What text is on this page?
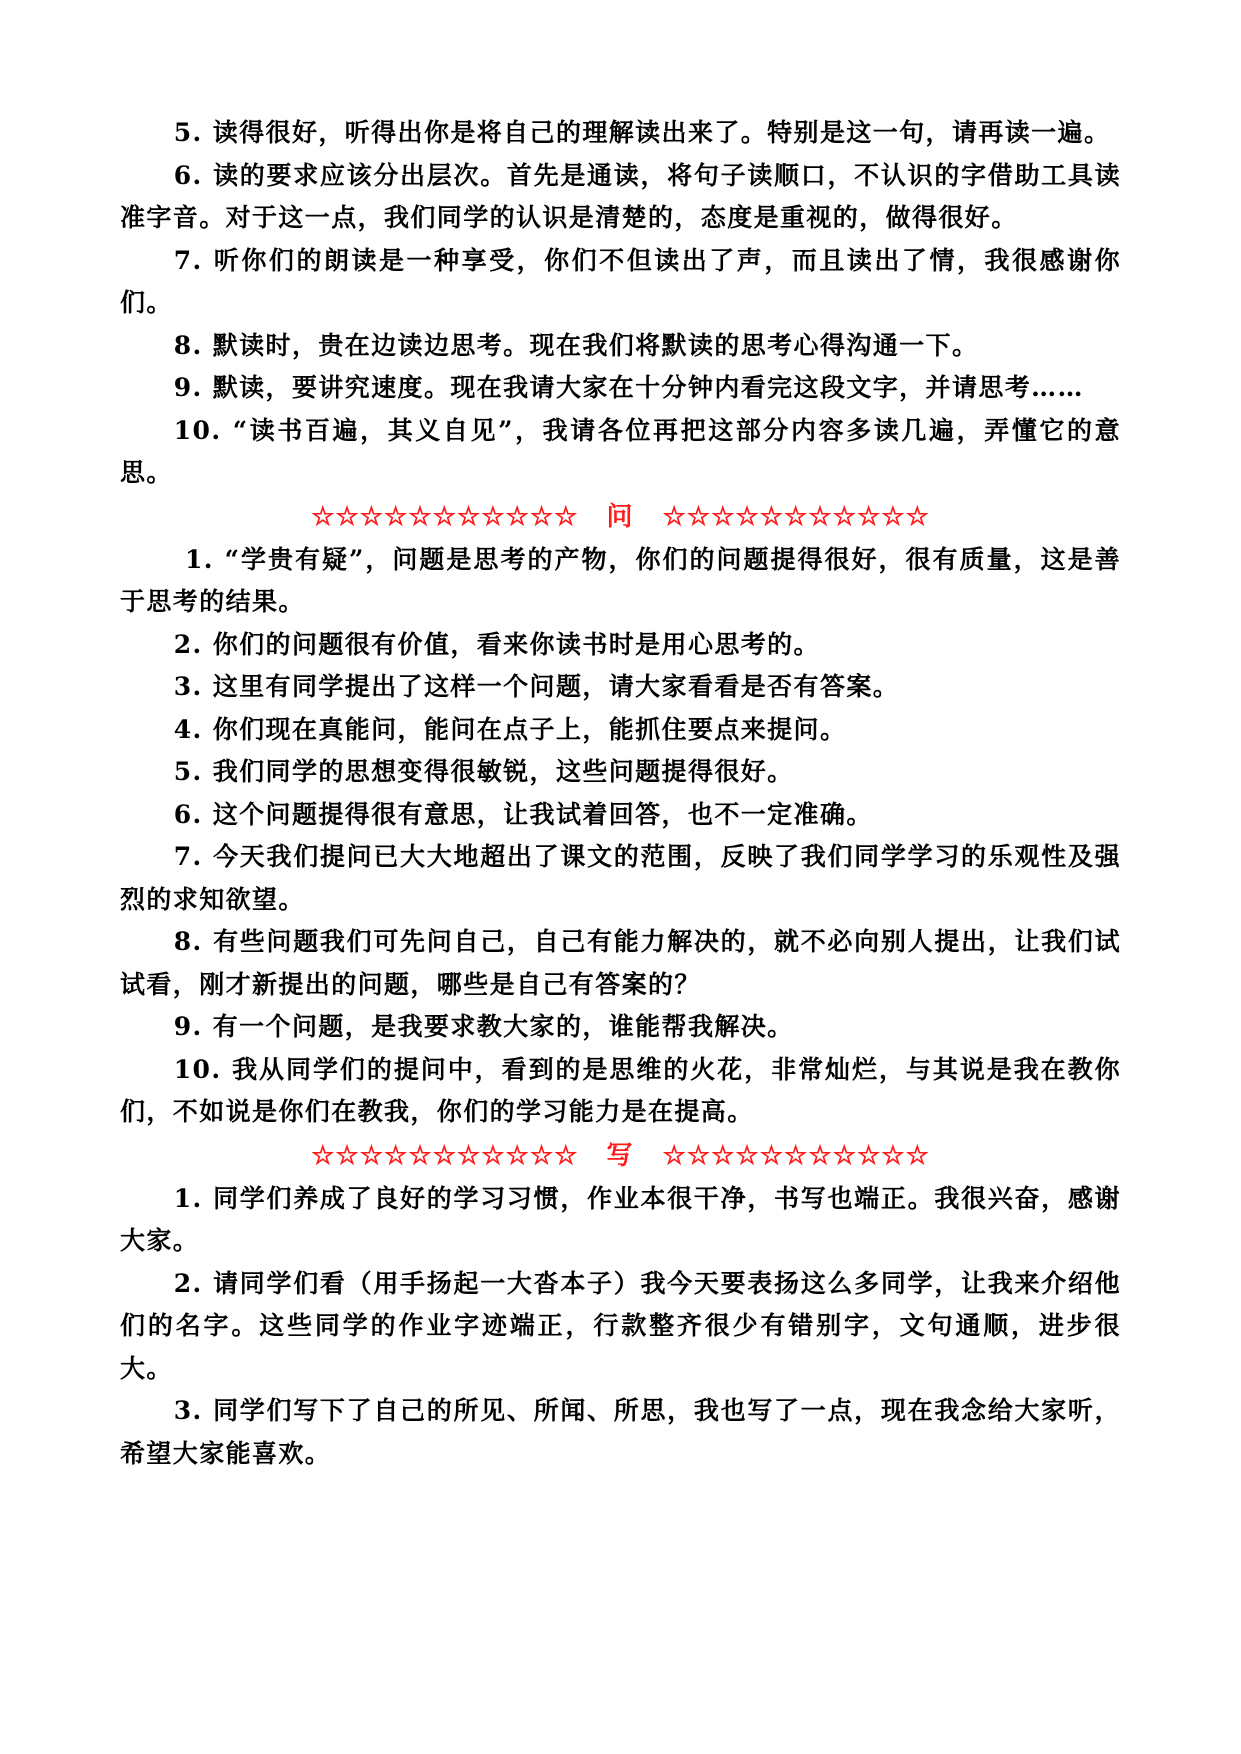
5. 读得很好，听得出你是将自己的理解读出来了。特别是这一句，请再读一遍。

6. 读的要求应该分出层次。首先是通读，将句子读顺口，不认识的字借助工具读准字音。对于这一点，我们同学的认识是清楚的，态度是重视的，做得很好。

7. 听你们的朗读是一种享受，你们不但读出了声，而且读出了情，我很感谢你们。

8. 默读时，贵在边读边思考。现在我们将默读的思考心得沟通一下。

9. 默读，要讲究速度。现在我请大家在十分钟内看完这段文字，并请思考……

10. “读书百遍，其义自见”，我请各位再把这部分内容多读几遍，弄懂它的意思。

☆☆☆☆☆☆☆☆☆☆☆ 问 ☆☆☆☆☆☆☆☆☆☆☆

1. “学贵有疑”，问题是思考的产物，你们的问题提得很好，很有质量，这是善于思考的结果。

2. 你们的问题很有价值，看来你读书时是用心思考的。

3. 这里有同学提出了这样一个问题，请大家看看是否有答案。

4. 你们现在真能问，能问在点子上，能抓住要点来提问。

5. 我们同学的思想变得很敏锐，这些问题提得很好。

6. 这个问题提得很有意思，让我试着回答，也不一定准确。

7. 今天我们提问已大大地超出了课文的范围，反映了我们同学学习的乐观性及强烈的求知欲望。

8. 有些问题我们可先问自己，自己有能力解决的，就不必向别人提出，让我们试试看，刚才新提出的问题，哪些是自己有答案的？

9. 有一个问题，是我要求教大家的，谁能帮我解决。

10. 我从同学们的提问中，看到的是思维的火花，非常灿烂，与其说是我在教你们，不如说是你们在教我，你们的学习能力是在提高。

☆☆☆☆☆☆☆☆☆☆☆ 写 ☆☆☆☆☆☆☆☆☆☆☆

1. 同学们养成了良好的学习习惯，作业本很干净，书写也端正。我很兴奋，感谢大家。

2. 请同学们看（用手扬起一大沓本子）我今天要表扬这么多同学，让我来介绍他们的名字。这些同学的作业字迹端正，行款整齐很少有错别字，文句通顺，进步很大。

3. 同学们写下了自己的所见、所闻、所思，我也写了一点，现在我念给大家听，希望大家能喜欢。
